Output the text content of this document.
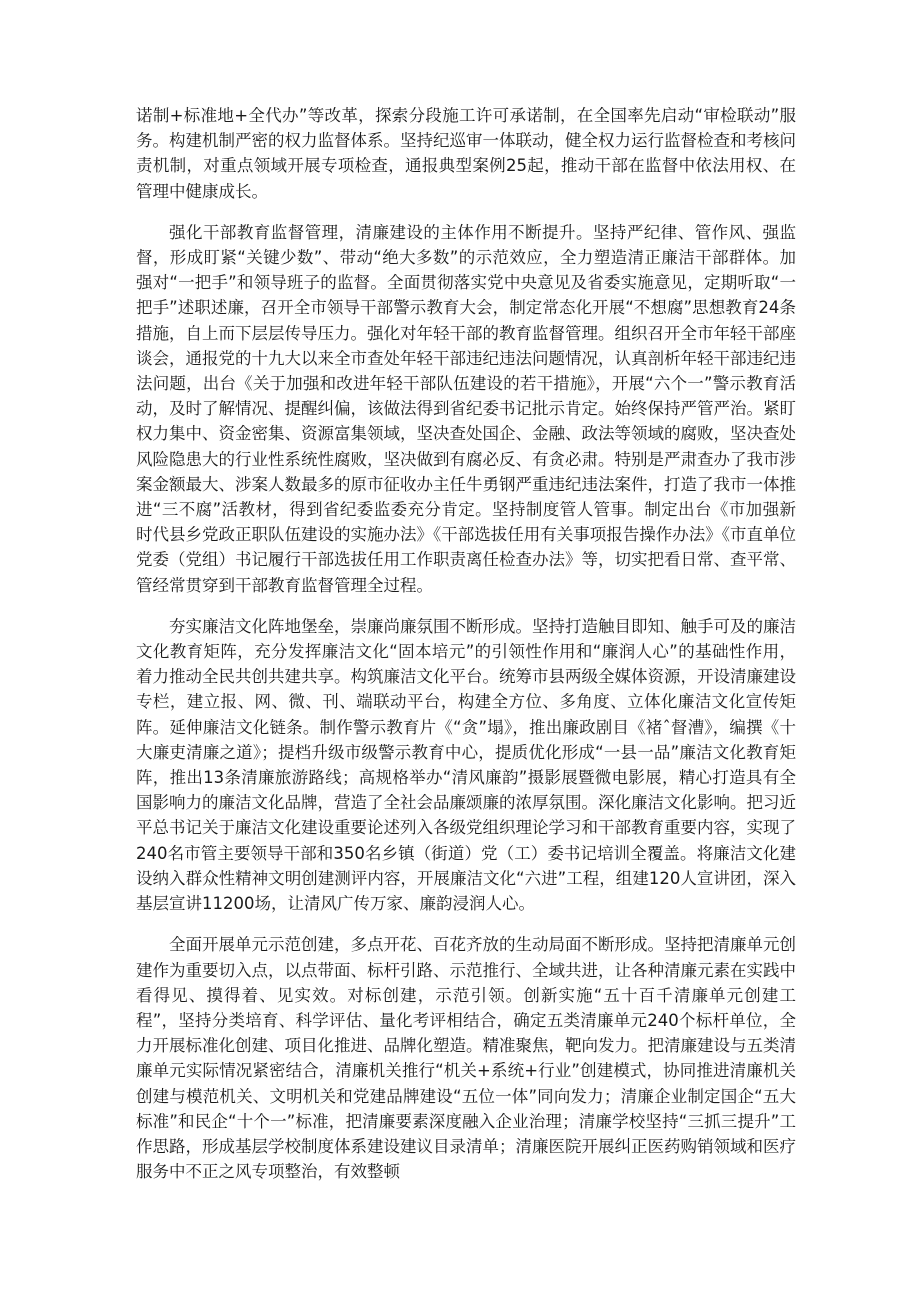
诺制+标准地+全代办”等改革，探索分段施工许可承诺制，在全国率先启动“审检联动”服务。构建机制严密的权力监督体系。坚持纪巡审一体联动，健全权力运行监督检查和考核问责机制，对重点领域开展专项检查，通报典型案例25起，推动干部在监督中依法用权、在管理中健康成长。

强化干部教育监督管理，清廉建设的主体作用不断提升。坚持严纪律、管作风、强监督，形成盯紧“关键少数”、带动“绝大多数”的示范效应，全力塑造清正廉洁干部群体。加强对“一把手”和领导班子的监督。全面贯彻落实党中央意见及省委实施意见，定期听取“一把手”述职述廉，召开全市领导干部警示教育大会，制定常态化开展“不想腐”思想教育24条措施，自上而下层层传导压力。强化对年轻干部的教育监督管理。组织召开全市年轻干部座谈会，通报党的十九大以来全市查处年轻干部违纪违法问题情况，认真剖析年轻干部违纪违法问题，出台《关于加强和改进年轻干部队伍建设的若干措施》，开展“六个一”警示教育活动，及时了解情况、提醒纠偏，该做法得到省纪委书记批示肯定。始终保持严管严治。紧盯权力集中、资金密集、资源富集领域，坚决查处国企、金融、政法等领域的腐败，坚决查处风险隐患大的行业性系统性腐败，坚决做到有腐必反、有贪必肃。特别是严肃查办了我市涉案金额最大、涉案人数最多的原市征收办主任牛勇钢严重违纪违法案件，打造了我市一体推进“三不腐”活教材，得到省纪委监委充分肯定。坚持制度管人管事。制定出台《市加强新时代县乡党政正职队伍建设的实施办法》《干部选拔任用有关事项报告操作办法》《市直单位党委（党组）书记履行干部选拔任用工作职责离任检查办法》等，切实把看日常、查平常、管经常贯穿到干部教育监督管理全过程。

夯实廉洁文化阵地堡垒，崇廉尚廉氛围不断形成。坚持打造触目即知、触手可及的廉洁文化教育矩阵，充分发挥廉洁文化“固本培元”的引领性作用和“廉润人心”的基础性作用，着力推动全民共创共建共享。构筑廉洁文化平台。统筹市县两级全媒体资源，开设清廉建设专栏，建立报、网、微、刊、端联动平台，构建全方位、多角度、立体化廉洁文化宣传矩阵。延伸廉洁文化链条。制作警示教育片《“贪”塌》，推出廉政剧目《褚ˆ督漕》，编撰《十大廉吏清廉之道》；提档升级市级警示教育中心，提质优化形成“一县一品”廉洁文化教育矩阵，推出13条清廉旅游路线；高规格举办“清风廉韵”摄影展暨微电影展，精心打造具有全国影响力的廉洁文化品牌，营造了全社会品廉颂廉的浓厚氛围。深化廉洁文化影响。把习近平总书记关于廉洁文化建设重要论述列入各级党组织理论学习和干部教育重要内容，实现了240名市管主要领导干部和350名乡镇（街道）党（工）委书记培训全覆盖。将廉洁文化建设纳入群众性精神文明创建测评内容，开展廉洁文化“六进”工程，组建120人宣讲团，深入基层宣讲11200场，让清风广传万家、廉韵浸润人心。

全面开展单元示范创建，多点开花、百花齐放的生动局面不断形成。坚持把清廉单元创建作为重要切入点，以点带面、标杆引路、示范推行、全域共进，让各种清廉元素在实践中看得见、摸得着、见实效。对标创建，示范引领。创新实施“五十百千清廉单元创建工程”，坚持分类培育、科学评估、量化考评相结合，确定五类清廉单元240个标杆单位，全力开展标准化创建、项目化推进、品牌化塑造。精准聚焦，靶向发力。把清廉建设与五类清廉单元实际情况紧密结合，清廉机关推行“机关+系统+行业”创建模式，协同推进清廉机关创建与模范机关、文明机关和党建品牌建设“五位一体”同向发力；清廉企业制定国企“五大标准”和民企“十个一”标准，把清廉要素深度融入企业治理；清廉学校坚持“三抓三提升”工作思路，形成基层学校制度体系建设建议目录清单；清廉医院开展纠正医药购销领域和医疗服务中不正之风专项整治，有效整顿
